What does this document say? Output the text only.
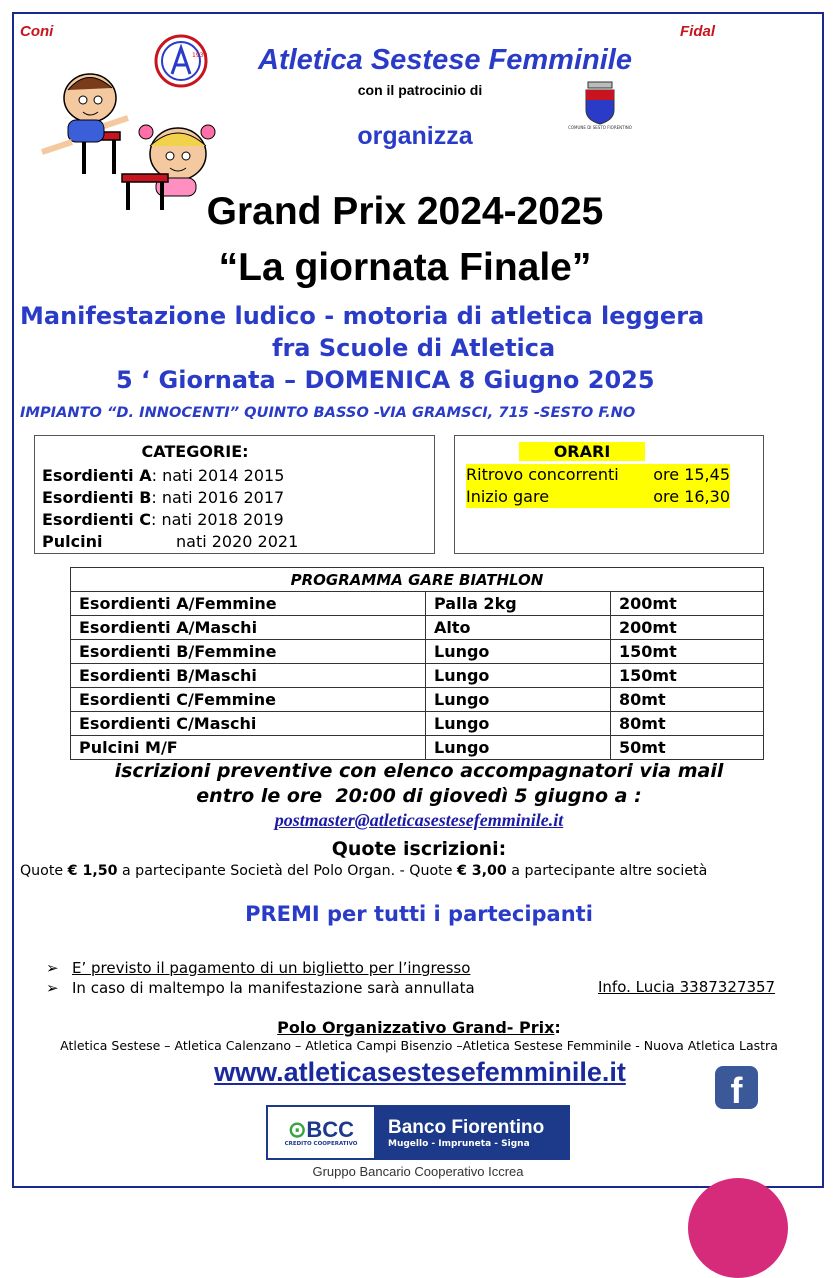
Coni	Fidal
1930	Atletica Sestese Femminile
con il patrocinio di
COMUNE DI SESTO FIORENTINO
organizza
Grand Prix 2024-2025
“La giornata Finale”
Manifestazione ludico - motoria di atletica leggera
fra Scuole di Atletica
5 ‘ Giornata – DOMENICA 8 Giugno 2025
IMPIANTO “D. INNOCENTI” QUINTO BASSO -VIA GRAMSCI, 715 -SESTO F.NO
CATEGORIE:
Esordienti A: nati 2014 2015
Esordienti B: nati 2016 2017
Esordienti C: nati 2018 2019
Pulcini	nati 2020 2021
ORARI
Ritrovo concorrenti ore 15,45
Inizio gare	ore 16,30
PROGRAMMA GARE BIATHLON		
Esordienti A/Femmine	Palla 2kg	200mt
Esordienti A/Maschi	Alto	200mt
Esordienti B/Femmine	Lungo	150mt
Esordienti B/Maschi	Lungo	150mt
Esordienti C/Femmine	Lungo	80mt
Esordienti C/Maschi	Lungo	80mt
Pulcini M/F	Lungo	50mt
iscrizioni preventive con elenco accompagnatori via mail
entro le ore  20:00 di giovedì 5 giugno a :
postmaster@atleticasestesefemminile.it
Quote iscrizioni:
Quote € 1,50 a partecipante Società del Polo Organ. - Quote € 3,00 a partecipante altre società
PREMI per tutti i partecipanti
➢ E’ previsto il pagamento di un biglietto per l’ingresso
➢ In caso di maltempo la manifestazione sarà annullata	Info. Lucia 3387327357
Polo Organizzativo Grand- Prix:
Atletica Sestese – Atletica Calenzano – Atletica Campi Bisenzio –Atletica Sestese Femminile - Nuova Atletica Lastra
www.atleticasestesefemminile.it	f
⊙BCC
CREDITO COOPERATIVO
Banco Fiorentino
Mugello - Impruneta - Signa
Gruppo Bancario Cooperativo Iccrea
